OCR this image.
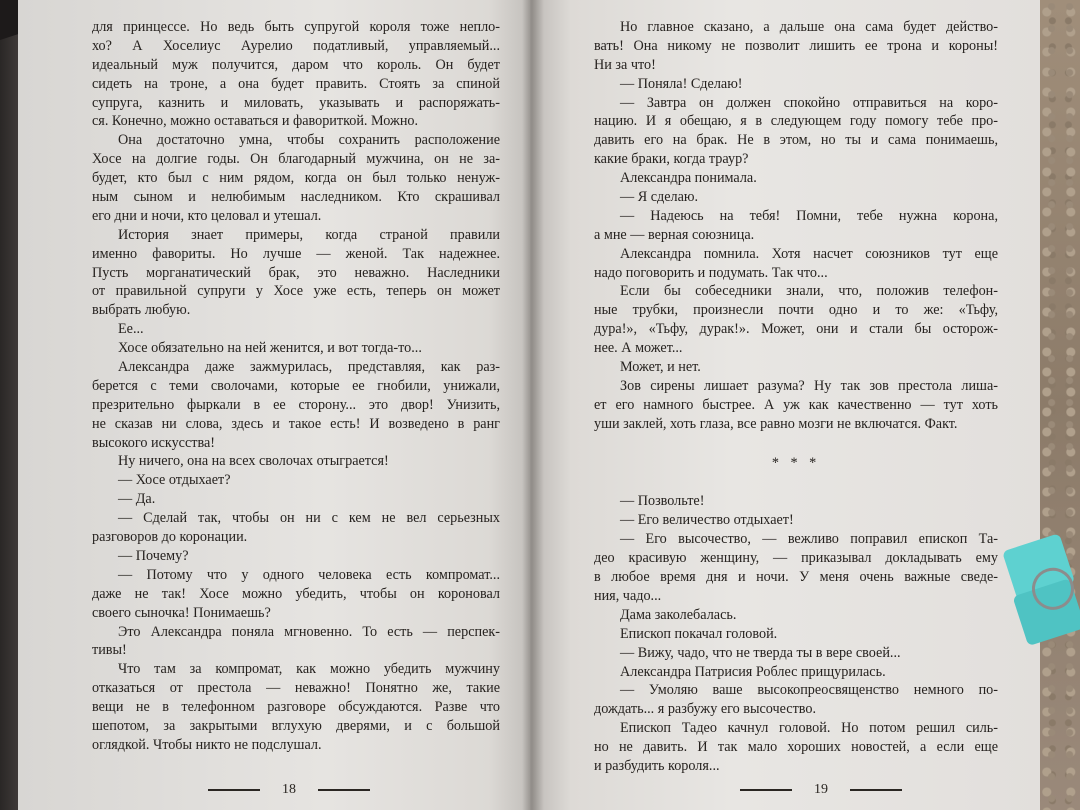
для принцессе. Но ведь быть супругой короля тоже непло-
хо? А Хоселиус Аурелио податливый, управляемый...
идеальный муж получится, даром что король. Он будет
сидеть на троне, а она будет править. Стоять за спиной
супруга, казнить и миловать, указывать и распоряжать-
ся. Конечно, можно оставаться и фавориткой. Можно.
Она достаточно умна, чтобы сохранить расположение
Хосе на долгие годы. Он благодарный мужчина, он не за-
будет, кто был с ним рядом, когда он был только ненуж-
ным сыном и нелюбимым наследником. Кто скрашивал
его дни и ночи, кто целовал и утешал.
История знает примеры, когда страной правили
именно фавориты. Но лучше — женой. Так надежнее.
Пусть морганатический брак, это неважно. Наследники
от правильной супруги у Хосе уже есть, теперь он может
выбрать любую.
Ее...
Хосе обязательно на ней женится, и вот тогда-то...
Александра даже зажмурилась, представляя, как раз-
берется с теми сволочами, которые ее гнобили, унижали,
презрительно фыркали в ее сторону... это двор! Унизить,
не сказав ни слова, здесь и такое есть! И возведено в ранг
высокого искусства!
Ну ничего, она на всех сволочах отыграется!
— Хосе отдыхает?
— Да.
— Сделай так, чтобы он ни с кем не вел серьезных
разговоров до коронации.
— Почему?
— Потому что у одного человека есть компромат...
даже не так! Хосе можно убедить, чтобы он короновал
своего сыночка! Понимаешь?
Это Александра поняла мгновенно. То есть — перспек-
тивы!
Что там за компромат, как можно убедить мужчину
отказаться от престола — неважно! Понятно же, такие
вещи не в телефонном разговоре обсуждаются. Разве что
шепотом, за закрытыми вглухую дверями, и с большой
оглядкой. Чтобы никто не подслушал.
18
Но главное сказано, а дальше она сама будет действо-
вать! Она никому не позволит лишить ее трона и короны!
Ни за что!
— Поняла! Сделаю!
— Завтра он должен спокойно отправиться на коро-
нацию. И я обещаю, я в следующем году помогу тебе про-
давить его на брак. Не в этом, но ты и сама понимаешь,
какие браки, когда траур?
Александра понимала.
— Я сделаю.
— Надеюсь на тебя! Помни, тебе нужна корона,
а мне — верная союзница.
Александра помнила. Хотя насчет союзников тут еще
надо поговорить и подумать. Так что...
Если бы собеседники знали, что, положив телефон-
ные трубки, произнесли почти одно и то же: «Тьфу,
дура!», «Тьфу, дурак!». Может, они и стали бы осторож-
нее. А может...
Может, и нет.
Зов сирены лишает разума? Ну так зов престола лиша-
ет его намного быстрее. А уж как качественно — тут хоть
уши заклей, хоть глаза, все равно мозги не включатся. Факт.
* * *
— Позвольте!
— Его величество отдыхает!
— Его высочество, — вежливо поправил епископ Та-
део красивую женщину, — приказывал докладывать ему
в любое время дня и ночи. У меня очень важные сведе-
ния, чадо...
Дама заколебалась.
Епископ покачал головой.
— Вижу, чадо, что не тверда ты в вере своей...
Александра Патрисия Роблес прищурилась.
— Умоляю ваше высокопреосвященство немного по-
дождать... я разбужу его высочество.
Епископ Тадео качнул головой. Но потом решил силь-
но не давить. И так мало хороших новостей, а если еще
и разбудить короля...
19
